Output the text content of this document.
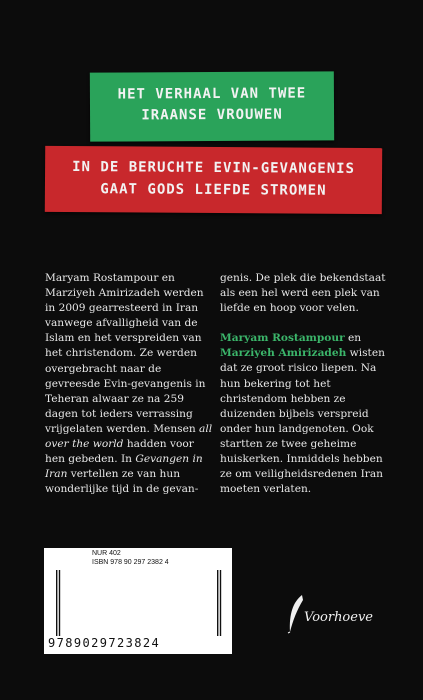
HET VERHAAL VAN TWEE
IRAANSE VROUWEN
IN DE BERUCHTE EVIN-GEVANGENIS
GAAT GODS LIEFDE STROMEN

Maryam Rostampour en Marziyeh Amirizadeh werden in 2009 gearresteerd in Iran vanwege afvalligheid van de Islam en het verspreiden van het christendom. Ze werden overgebracht naar de gevreesde Evin-gevangenis in Teheran alwaar ze na 259 dagen tot ieders verrassing vrijgelaten werden. Mensen all over the world hadden voor hen gebeden. In Gevangen in Iran vertellen ze van hun wonderlijke tijd in de gevan-

genis. De plek die bekendstaat als een hel werd een plek van liefde en hoop voor velen.

Maryam Rostampour en Marziyeh Amirizadeh wisten dat ze groot risico liepen. Na hun bekering tot het christendom hebben ze duizenden bijbels verspreid onder hun landgenoten. Ook startten ze twee geheime huiskerken. Inmiddels hebben ze om veiligheidsredenen Iran moeten verlaten.

NUR 402
ISBN 978 90 297 2382 4
9789029723824
Voorhoeve
